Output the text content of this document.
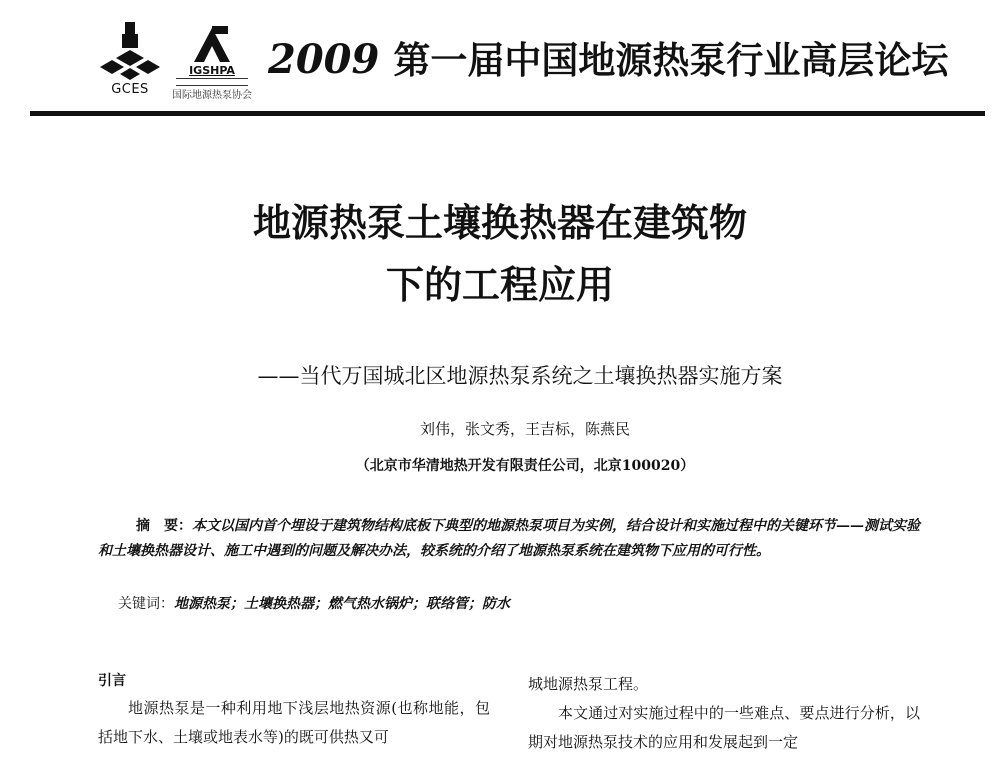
GCES
IGSHPA
国际地源热泵协会
2009 第一届中国地源热泵行业高层论坛
地源热泵土壤换热器在建筑物
下的工程应用
——当代万国城北区地源热泵系统之土壤换热器实施方案
刘伟，张文秀，王吉标，陈燕民
（北京市华清地热开发有限责任公司，北京100020）
摘　要：本文以国内首个埋设于建筑物结构底板下典型的地源热泵项目为实例，结合设计和实施过程中的关键环节——测试实验和土壤换热器设计、施工中遇到的问题及解决办法，较系统的介绍了地源热泵系统在建筑物下应用的可行性。
关键词：地源热泵；土壤换热器；燃气热水锅炉；联络管；防水
引言

地源热泵是一种利用地下浅层地热资源(也称地能，包括地下水、土壤或地表水等)的既可供热又可

城地源热泵工程。

本文通过对实施过程中的一些难点、要点进行分析，以期对地源热泵技术的应用和发展起到一定
